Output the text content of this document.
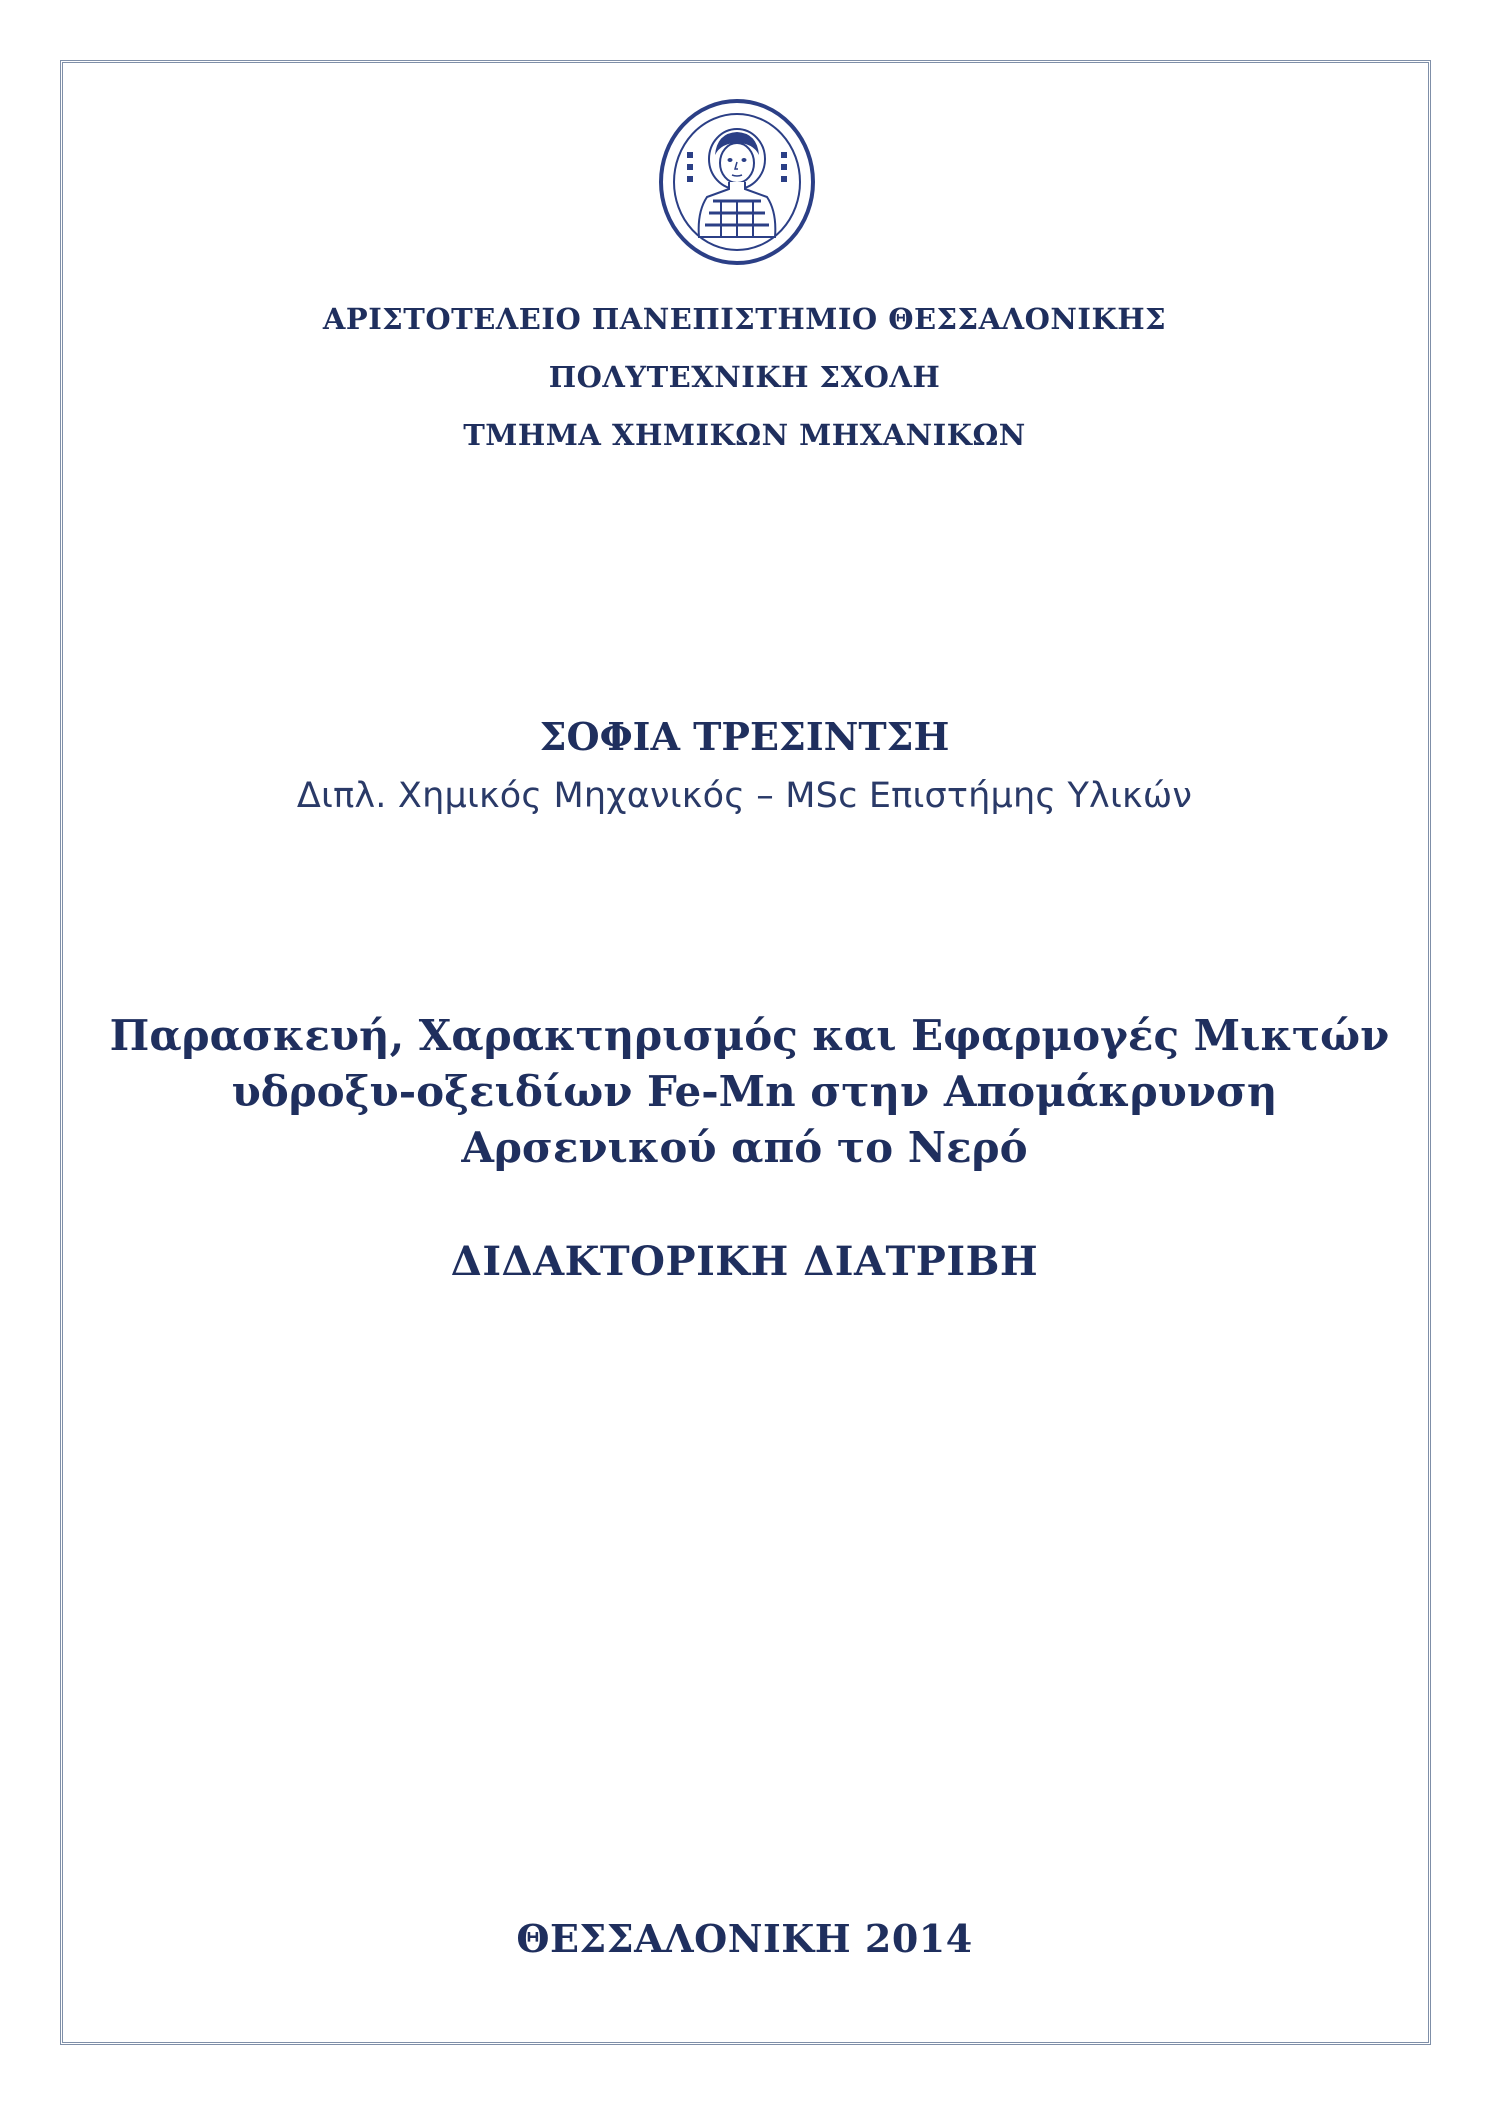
ΑΡΙΣΤΟΤΕΛΕΙΟ ΠΑΝΕΠΙΣΤΗΜΙΟ ΘΕΣΣΑΛΟΝΙΚΗΣ

ΠΟΛΥΤΕΧΝΙΚΗ ΣΧΟΛΗ

ΤΜΗΜΑ ΧΗΜΙΚΩΝ ΜΗΧΑΝΙΚΩΝ

ΣΟΦΙΑ ΤΡΕΣΙΝΤΣΗ

Διπλ. Χημικός Μηχανικός – MSc Επιστήμης Υλικών

Παρασκευή, Χαρακτηρισμός και Εφαρμογές Μικτών

υδροξυ-οξειδίων Fe-Mn στην Απομάκρυνση

Αρσενικού από το Νερό

ΔΙΔΑΚΤΟΡΙΚΗ ΔΙΑΤΡΙΒΗ

ΘΕΣΣΑΛΟΝΙΚΗ 2014
